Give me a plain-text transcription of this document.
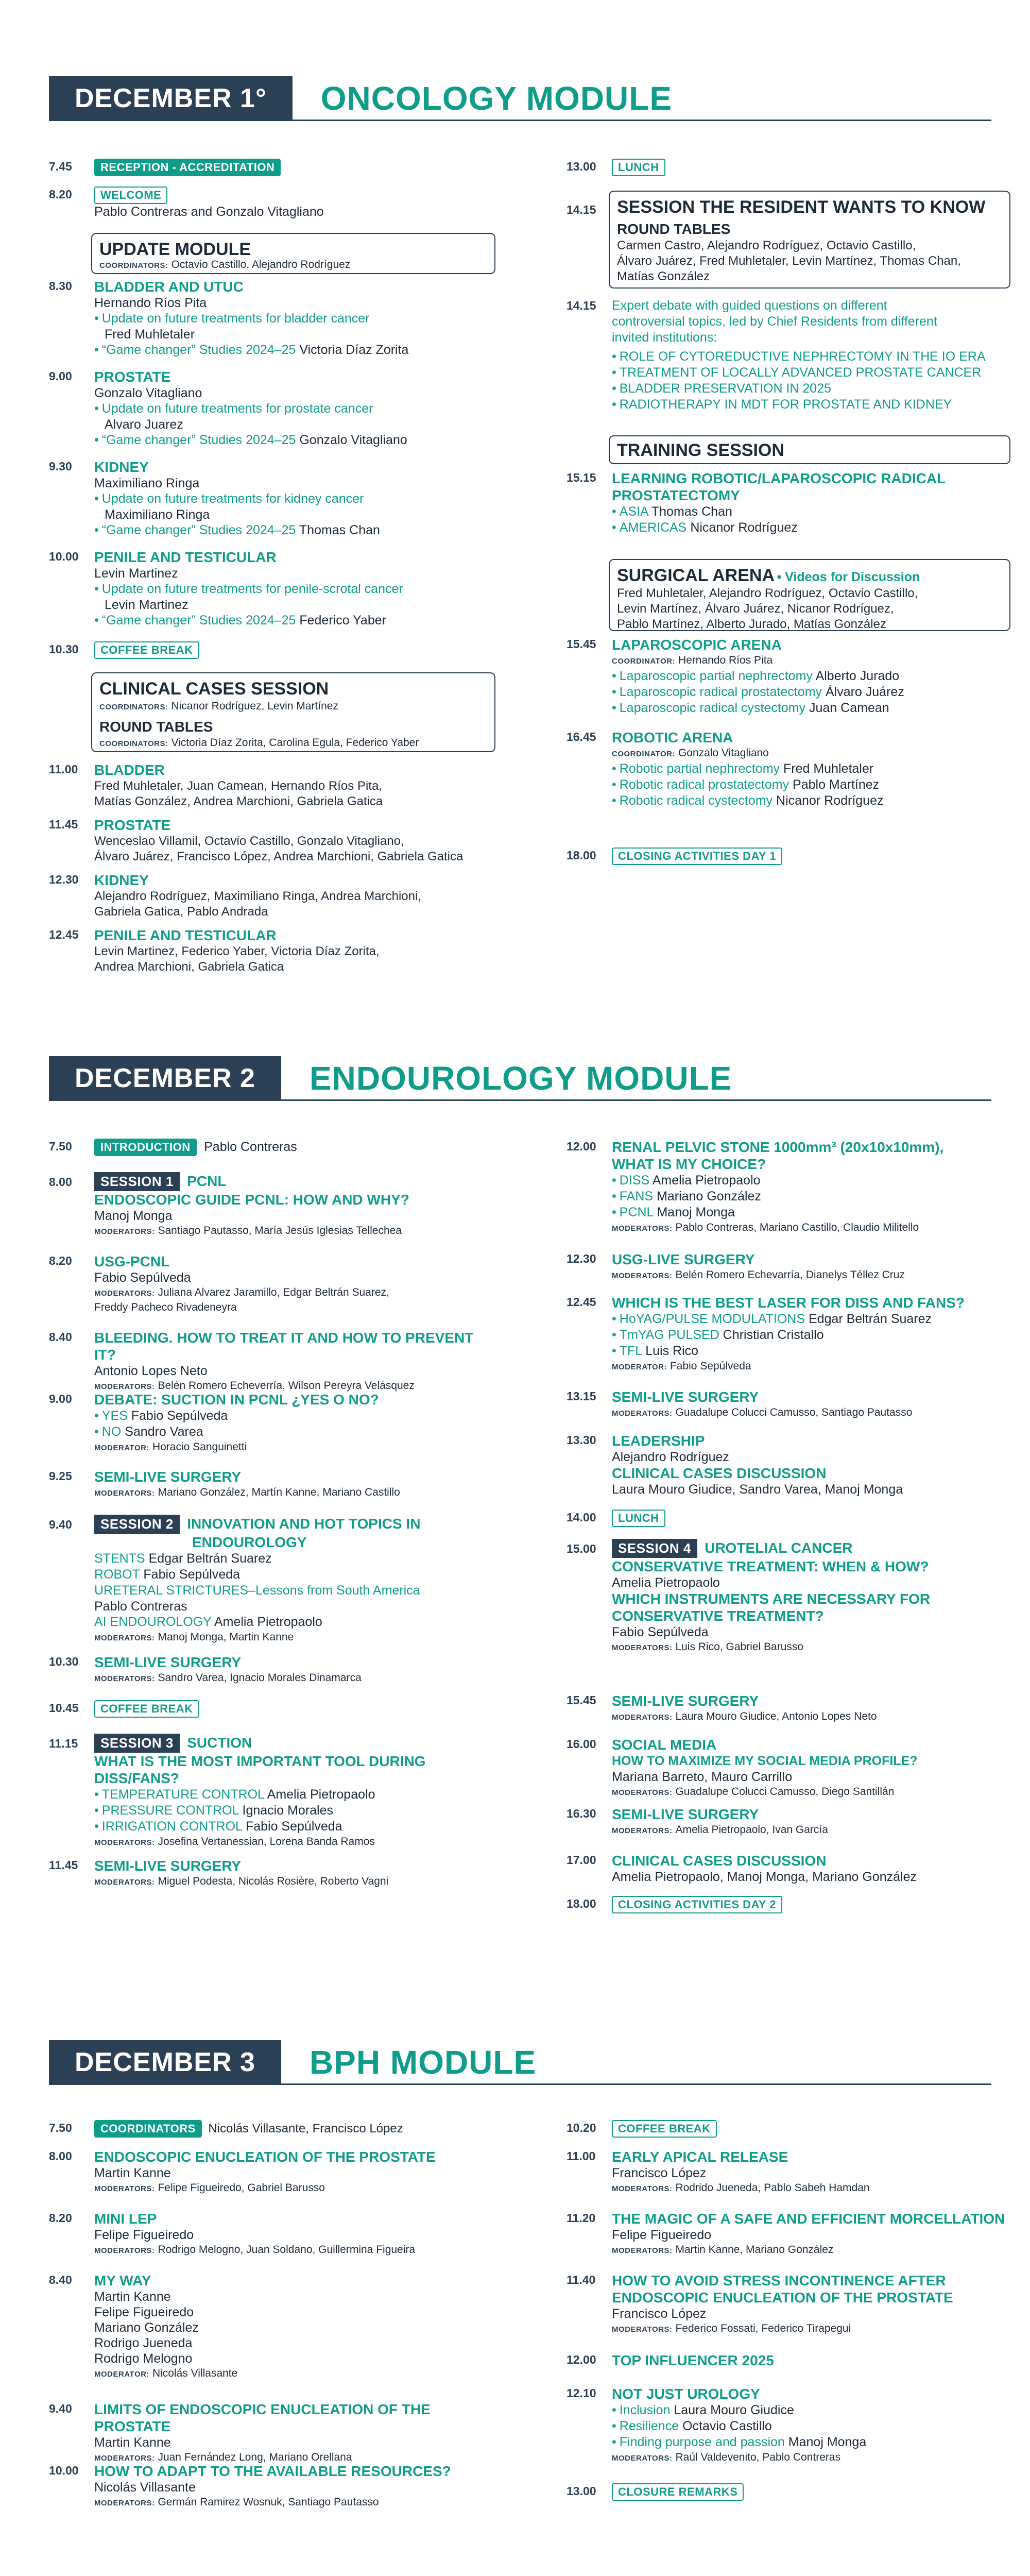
DECEMBER 1°	ONCOLOGY MODULE
7.45	RECEPTION - ACCREDITATION
8.20	WELCOME
Pablo Contreras and Gonzalo Vitagliano
UPDATE MODULE
COORDINATORS: Octavio Castillo, Alejandro Rodríguez
8.30 BLADDER AND UTUC
Hernando Ríos Pita
• Update on future treatments for bladder cancer
Fred Muhletaler
• “Game changer” Studies 2024–25 Victoria Díaz Zorita
9.00 PROSTATE
Gonzalo Vitagliano
• Update on future treatments for prostate cancer
Alvaro Juarez
• “Game changer” Studies 2024–25 Gonzalo Vitagliano
9.30 KIDNEY
Maximiliano Ringa
• Update on future treatments for kidney cancer
Maximiliano Ringa
• “Game changer” Studies 2024–25 Thomas Chan
10.00 PENILE AND TESTICULAR
Levin Martinez
• Update on future treatments for penile-scrotal cancer
Levin Martinez
• “Game changer” Studies 2024–25 Federico Yaber
10.30	COFFEE BREAK
CLINICAL CASES SESSION
COORDINATORS: Nicanor Rodríguez, Levin Martínez
ROUND TABLES
COORDINATORS: Victoria Díaz Zorita, Carolina Egula, Federico Yaber
11.00 BLADDER
Fred Muhletaler, Juan Camean, Hernando Ríos Pita,
Matías González, Andrea Marchioni, Gabriela Gatica
11.45 PROSTATE
Wenceslao Villamil, Octavio Castillo, Gonzalo Vitagliano,
Álvaro Juárez, Francisco López, Andrea Marchioni, Gabriela Gatica
12.30 KIDNEY
Alejandro Rodríguez, Maximiliano Ringa, Andrea Marchioni,
Gabriela Gatica, Pablo Andrada
12.45 PENILE AND TESTICULAR
Levin Martinez, Federico Yaber, Victoria Díaz Zorita,
Andrea Marchioni, Gabriela Gatica
13.00	LUNCH
14.15 SESSION THE RESIDENT WANTS TO KNOW
ROUND TABLES
Carmen Castro, Alejandro Rodríguez, Octavio Castillo,
Álvaro Juárez, Fred Muhletaler, Levin Martínez, Thomas Chan,
Matías González
14.15 Expert debate with guided questions on different
controversial topics, led by Chief Residents from different
invited institutions:
• ROLE OF CYTOREDUCTIVE NEPHRECTOMY IN THE IO ERA
• TREATMENT OF LOCALLY ADVANCED PROSTATE CANCER
• BLADDER PRESERVATION IN 2025
• RADIOTHERAPY IN MDT FOR PROSTATE AND KIDNEY
TRAINING SESSION
15.15 LEARNING ROBOTIC/LAPAROSCOPIC RADICAL
PROSTATECTOMY
• ASIA Thomas Chan
• AMERICAS Nicanor Rodríguez
SURGICAL ARENA • Videos for Discussion
Fred Muhletaler, Alejandro Rodríguez, Octavio Castillo,
Levin Martínez, Álvaro Juárez, Nicanor Rodríguez,
Pablo Martínez, Alberto Jurado, Matías González
15.45 LAPAROSCOPIC ARENA
COORDINATOR: Hernando Ríos Pita
• Laparoscopic partial nephrectomy Alberto Jurado
• Laparoscopic radical prostatectomy Álvaro Juárez
• Laparoscopic radical cystectomy Juan Camean
16.45 ROBOTIC ARENA
COORDINATOR: Gonzalo Vitagliano
• Robotic partial nephrectomy Fred Muhletaler
• Robotic radical prostatectomy Pablo Martínez
• Robotic radical cystectomy Nicanor Rodríguez
18.00	CLOSING ACTIVITIES DAY 1
DECEMBER 2	ENDOUROLOGY MODULE
7.50	INTRODUCTION Pablo Contreras
8.00	SESSION 1 PCNL
ENDOSCOPIC GUIDE PCNL: HOW AND WHY?
Manoj Monga
MODERATORS: Santiago Pautasso, María Jesús Iglesias Tellechea
8.20 USG-PCNL
Fabio Sepúlveda
MODERATORS: Juliana Alvarez Jaramillo, Edgar Beltrán Suarez,
Freddy Pacheco Rivadeneyra
8.40 BLEEDING. HOW TO TREAT IT AND HOW TO PREVENT IT?
Antonio Lopes Neto
MODERATORS: Belén Romero Echeverría, Wilson Pereyra Velásquez
9.00 DEBATE: SUCTION IN PCNL ¿YES O NO?
• YES Fabio Sepúlveda
• NO Sandro Varea
MODERATOR: Horacio Sanguinetti
9.25 SEMI-LIVE SURGERY
MODERATORS: Mariano González, Martín Kanne, Mariano Castillo
9.40	SESSION 2 INNOVATION AND HOT TOPICS IN
ENDOUROLOGY
STENTS Edgar Beltrán Suarez
ROBOT Fabio Sepúlveda
URETERAL STRICTURES–Lessons from South America
Pablo Contreras
AI ENDOUROLOGY Amelia Pietropaolo
MODERATORS: Manoj Monga, Martin Kanne
10.30 SEMI-LIVE SURGERY
MODERATORS: Sandro Varea, Ignacio Morales Dinamarca
10.45	COFFEE BREAK
11.15	SESSION 3 SUCTION
WHAT IS THE MOST IMPORTANT TOOL DURING
DISS/FANS?
• TEMPERATURE CONTROL Amelia Pietropaolo
• PRESSURE CONTROL Ignacio Morales
• IRRIGATION CONTROL Fabio Sepúlveda
MODERATORS: Josefina Vertanessian, Lorena Banda Ramos
11.45 SEMI-LIVE SURGERY
MODERATORS: Miguel Podesta, Nicolás Rosière, Roberto Vagni
12.00 RENAL PELVIC STONE 1000mm³ (20x10x10mm),
WHAT IS MY CHOICE?
• DISS Amelia Pietropaolo
• FANS Mariano González
• PCNL Manoj Monga
MODERATORS: Pablo Contreras, Mariano Castillo, Claudio Militello
12.30 USG-LIVE SURGERY
MODERATORS: Belén Romero Echevarría, Dianelys Téllez Cruz
12.45 WHICH IS THE BEST LASER FOR DISS AND FANS?
• HoYAG/PULSE MODULATIONS Edgar Beltrán Suarez
• TmYAG PULSED Christian Cristallo
• TFL Luis Rico
MODERATOR: Fabio Sepúlveda
13.15 SEMI-LIVE SURGERY
MODERATORS: Guadalupe Colucci Camusso, Santiago Pautasso
13.30 LEADERSHIP
Alejandro Rodríguez
CLINICAL CASES DISCUSSION
Laura Mouro Giudice, Sandro Varea, Manoj Monga
14.00	LUNCH
15.00	SESSION 4 UROTELIAL CANCER
CONSERVATIVE TREATMENT: WHEN & HOW?
Amelia Pietropaolo
WHICH INSTRUMENTS ARE NECESSARY FOR
CONSERVATIVE TREATMENT?
Fabio Sepúlveda
MODERATORS: Luis Rico, Gabriel Barusso
15.45 SEMI-LIVE SURGERY
MODERATORS: Laura Mouro Giudice, Antonio Lopes Neto
16.00 SOCIAL MEDIA
HOW TO MAXIMIZE MY SOCIAL MEDIA PROFILE?
Mariana Barreto, Mauro Carrillo
MODERATORS: Guadalupe Colucci Camusso, Diego Santillán
16.30 SEMI-LIVE SURGERY
MODERATORS: Amelia Pietropaolo, Ivan García
17.00 CLINICAL CASES DISCUSSION
Amelia Pietropaolo, Manoj Monga, Mariano González
18.00	CLOSING ACTIVITIES DAY 2
DECEMBER 3	BPH MODULE
7.50	COORDINATORS Nicolás Villasante, Francisco López
8.00 ENDOSCOPIC ENUCLEATION OF THE PROSTATE
Martin Kanne
MODERATORS: Felipe Figueiredo, Gabriel Barusso
8.20 MINI LEP
Felipe Figueiredo
MODERATORS: Rodrigo Melogno, Juan Soldano, Guillermina Figueira
8.40 MY WAY
Martin Kanne
Felipe Figueiredo
Mariano González
Rodrigo Jueneda
Rodrigo Melogno
MODERATOR: Nicolás Villasante
9.40 LIMITS OF ENDOSCOPIC ENUCLEATION OF THE PROSTATE
Martin Kanne
MODERATORS: Juan Fernández Long, Mariano Orellana
10.00 HOW TO ADAPT TO THE AVAILABLE RESOURCES?
Nicolás Villasante
MODERATORS: Germán Ramirez Wosnuk, Santiago Pautasso
10.20	COFFEE BREAK
11.00 EARLY APICAL RELEASE
Francisco López
MODERATORS: Rodrido Jueneda, Pablo Sabeh Hamdan
11.20 THE MAGIC OF A SAFE AND EFFICIENT MORCELLATION
Felipe Figueiredo
MODERATORS: Martin Kanne, Mariano González
11.40 HOW TO AVOID STRESS INCONTINENCE AFTER
ENDOSCOPIC ENUCLEATION OF THE PROSTATE
Francisco López
MODERATORS: Federico Fossati, Federico Tirapegui
12.00 TOP INFLUENCER 2025
12.10 NOT JUST UROLOGY
• Inclusion Laura Mouro Giudice
• Resilience Octavio Castillo
• Finding purpose and passion Manoj Monga
MODERATORS: Raúl Valdevenito, Pablo Contreras
13.00	CLOSURE REMARKS
